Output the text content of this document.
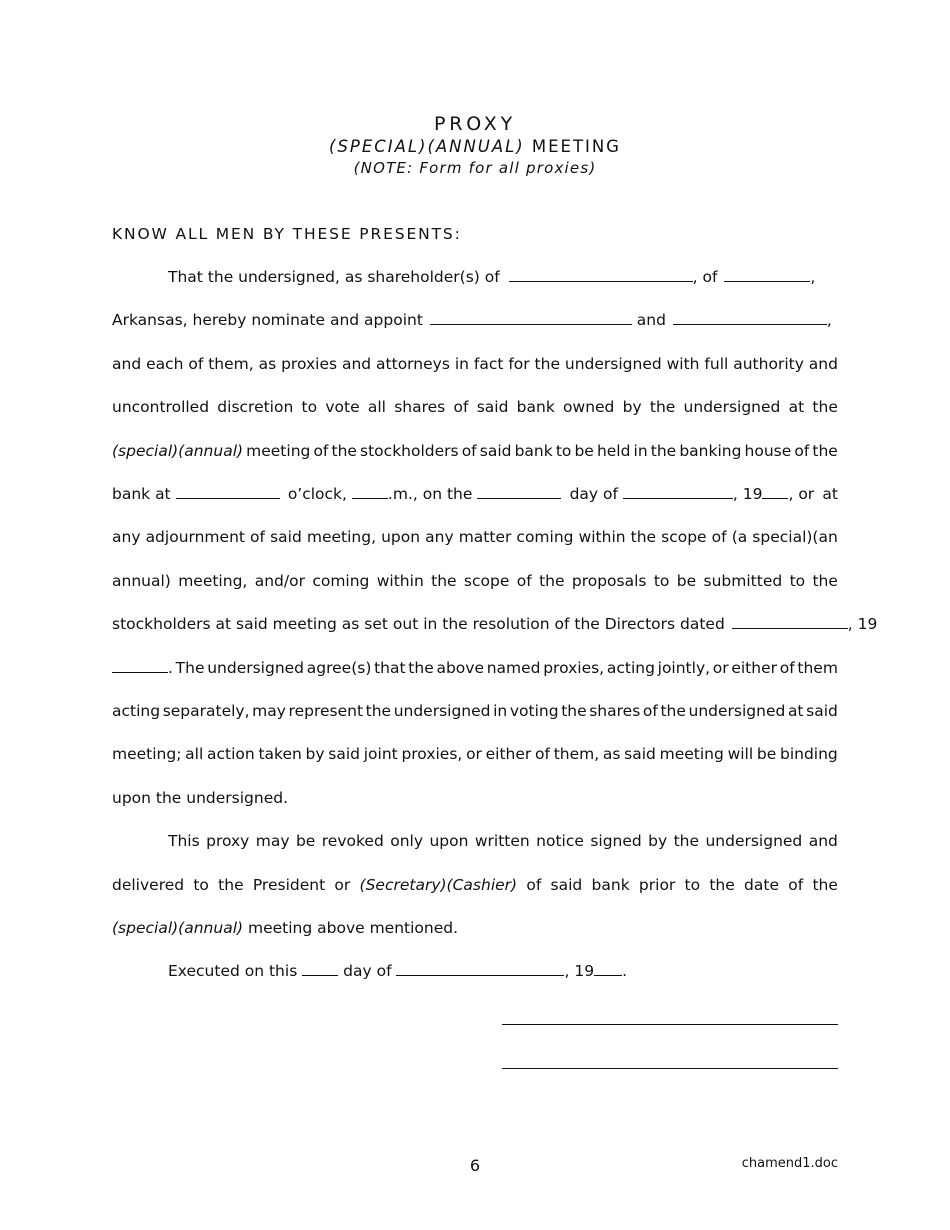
PROXY
(SPECIAL)(ANNUAL) MEETING
(NOTE: Form for all proxies)
KNOW ALL MEN BY THESE PRESENTS:
That the undersigned, as shareholder(s) of	, of	,
Arkansas, hereby nominate and appoint	and	,
and each of them, as proxies and attorneys in fact for the undersigned with full authority and
uncontrolled discretion to vote all shares of said bank owned by the undersigned at the
(special)(annual) meeting of the stockholders of said bank to be held in the banking house of the
bank at	o’clock,	.m., on the	day of	, 19 , or at
any adjournment of said meeting, upon any matter coming within the scope of (a special)(an
annual) meeting, and/or coming within the scope of the proposals to be submitted to the
stockholders at said meeting as set out in the resolution of the Directors dated	, 19
. The undersigned agree(s) that the above named proxies, acting jointly, or either of them
acting separately, may represent the undersigned in voting the shares of the undersigned at said
meeting; all action taken by said joint proxies, or either of them, as said meeting will be binding
upon the undersigned.
This proxy may be revoked only upon written notice signed by the undersigned and
delivered to the President or (Secretary)(Cashier) of said bank prior to the date of the
(special)(annual) meeting above mentioned.
Executed on this	day of	, 19 .
6	chamend1.doc
